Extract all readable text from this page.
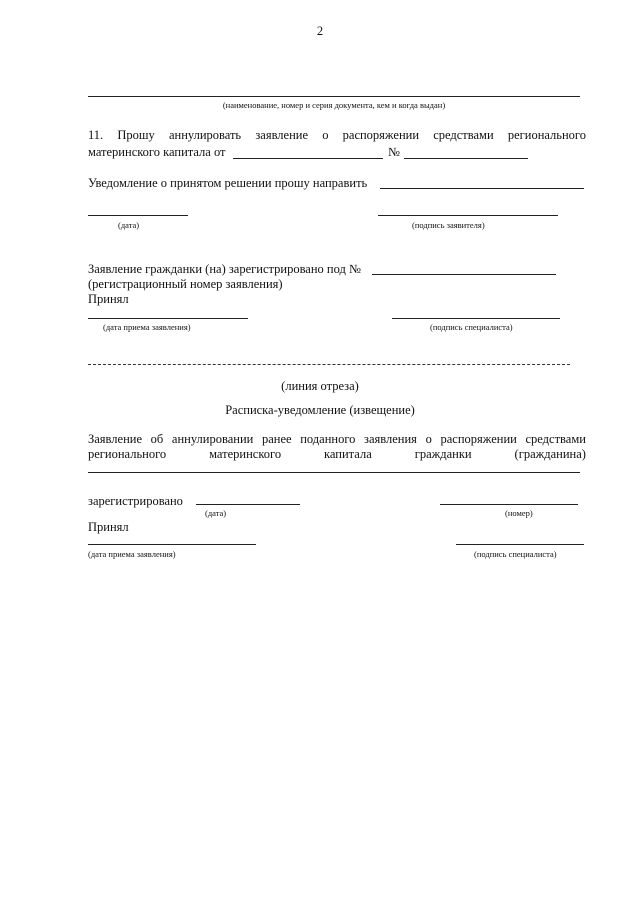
2
(наименование, номер и серия документа, кем и когда выдан)
11. Прошу аннулировать заявление о распоряжении средствами регионального
материнского капитала от	№
Уведомление о принятом решении прошу направить
(дата)	(подпись заявителя)
Заявление гражданки (на) зарегистрировано под №
(регистрационный номер заявления)
Принял
(дата приема заявления)	(подпись специалиста)
(линия отреза)
Расписка-уведомление (извещение)
Заявление об аннулировании ранее поданного заявления о распоряжении средствами
регионального	материнского	капитала	гражданки	(гражданина)
зарегистрировано
(дата)	(номер)
Принял
(дата приема заявления)	(подпись специалиста)
